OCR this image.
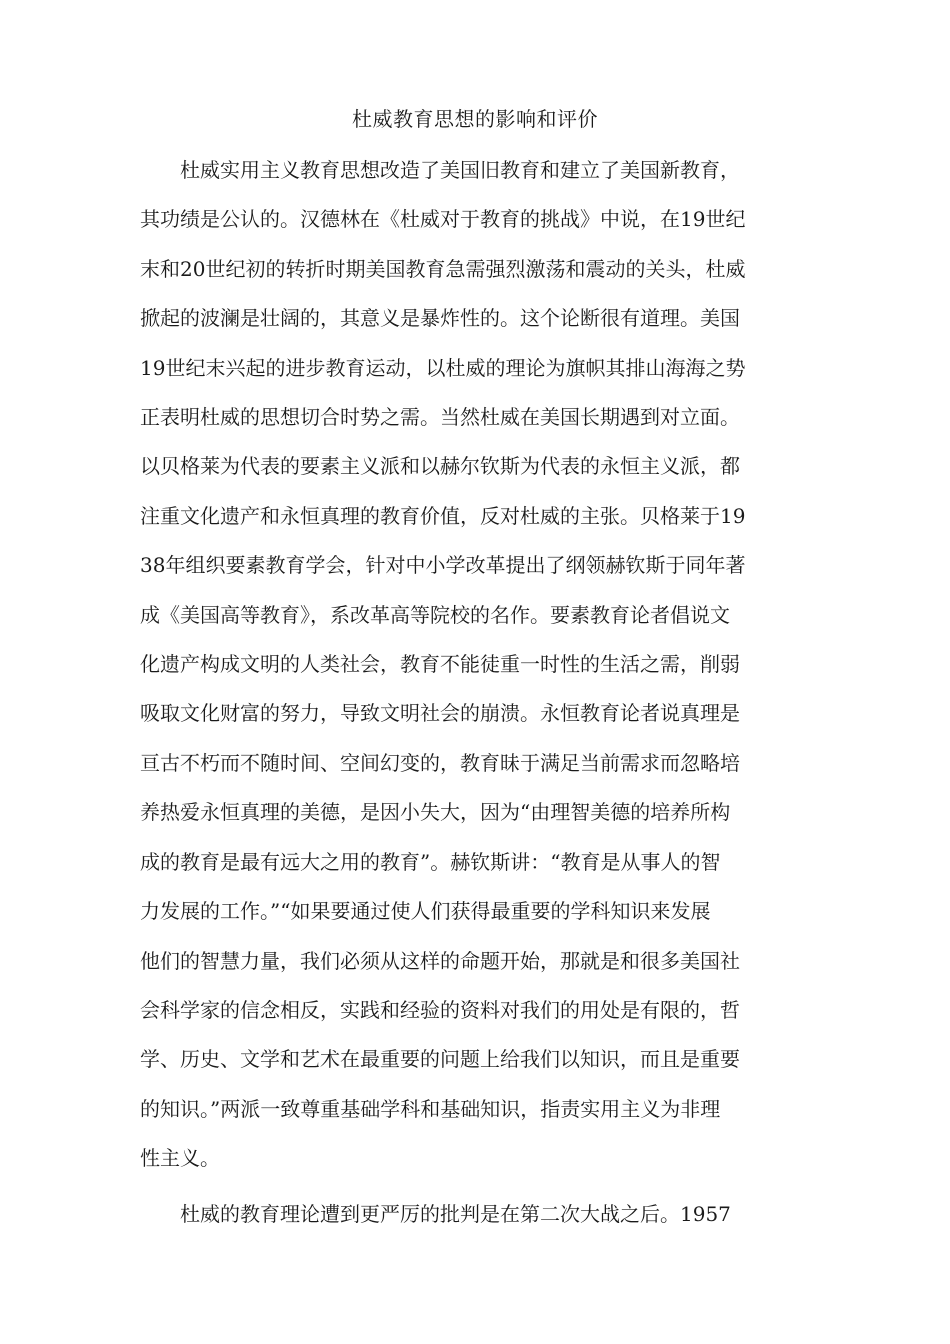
杜威教育思想的影响和评价
杜威实用主义教育思想改造了美国旧教育和建立了美国新教育，
其功绩是公认的。汉德林在《杜威对于教育的挑战》中说，在19世纪
末和20世纪初的转折时期美国教育急需强烈激荡和震动的关头，杜威
掀起的波澜是壮阔的，其意义是暴炸性的。这个论断很有道理。美国
19世纪末兴起的进步教育运动，以杜威的理论为旗帜其排山海海之势
正表明杜威的思想切合时势之需。当然杜威在美国长期遇到对立面。
以贝格莱为代表的要素主义派和以赫尔钦斯为代表的永恒主义派，都
注重文化遗产和永恒真理的教育价值，反对杜威的主张。贝格莱于19
38年组织要素教育学会，针对中小学改革提出了纲领赫钦斯于同年著
成《美国高等教育》，系改革高等院校的名作。要素教育论者倡说文
化遗产构成文明的人类社会，教育不能徒重一时性的生活之需，削弱
吸取文化财富的努力，导致文明社会的崩溃。永恒教育论者说真理是
亘古不朽而不随时间、空间幻变的，教育昧于满足当前需求而忽略培
养热爱永恒真理的美德，是因小失大，因为“由理智美德的培养所构
成的教育是最有远大之用的教育”。赫钦斯讲：“教育是从事人的智
力发展的工作。”“如果要通过使人们获得最重要的学科知识来发展
他们的智慧力量，我们必须从这样的命题开始，那就是和很多美国社
会科学家的信念相反，实践和经验的资料对我们的用处是有限的，哲
学、历史、文学和艺术在最重要的问题上给我们以知识，而且是重要
的知识。”两派一致尊重基础学科和基础知识，指责实用主义为非理
性主义。
杜威的教育理论遭到更严厉的批判是在第二次大战之后。1957
